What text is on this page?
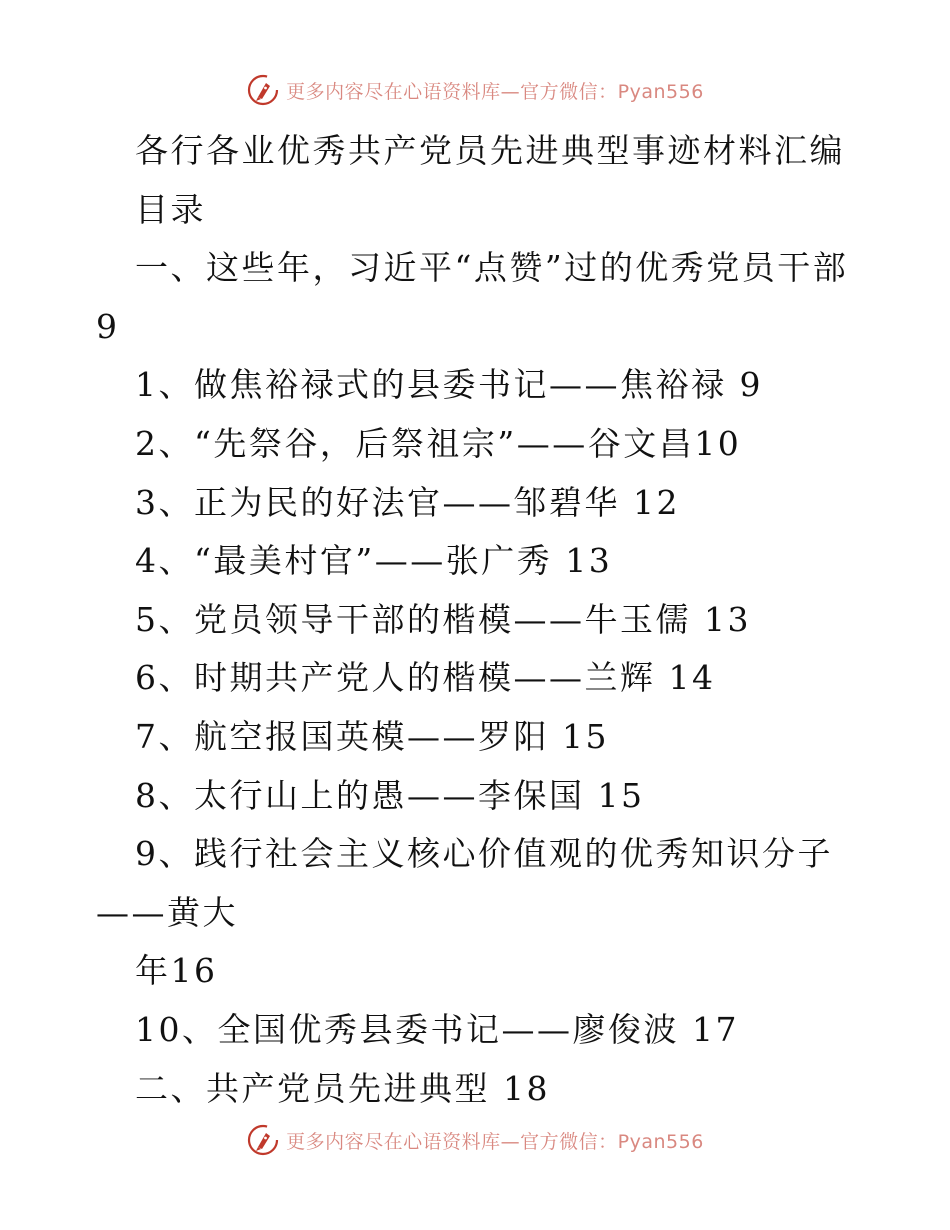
更多内容尽在心语资料库—官方微信：Pyan556
各行各业优秀共产党员先进典型事迹材料汇编
目录
一、这些年，习近平“点赞”过的优秀党员干部
9
1、做焦裕禄式的县委书记——焦裕禄 9
2、“先祭谷，后祭祖宗”——谷文昌10
3、正为民的好法官——邹碧华 12
4、“最美村官”——张广秀 13
5、党员领导干部的楷模——牛玉儒 13
6、时期共产党人的楷模——兰辉 14
7、航空报国英模——罗阳 15
8、太行山上的愚——李保国 15
9、践行社会主义核心价值观的优秀知识分子
——黄大
年16
10、全国优秀县委书记——廖俊波 17
二、共产党员先进典型 18
更多内容尽在心语资料库—官方微信：Pyan556
